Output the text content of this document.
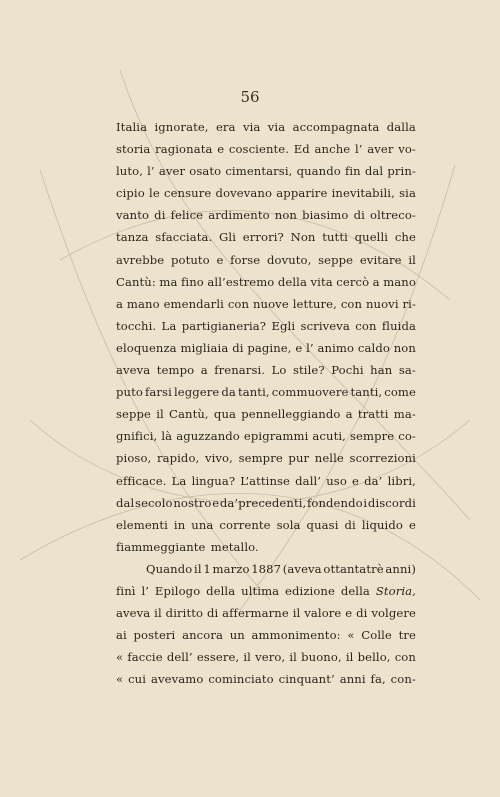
56
Italia ignorate, era via via accompagnata dalla
storia ragionata e cosciente. Ed anche l’ aver vo-
luto, l’ aver osato cimentarsi, quando fin dal prin-
cipio le censure dovevano apparire inevitabili, sia
vanto di felice ardimento non biasimo di oltreco-
tanza sfacciata. Gli errori? Non tutti quelli che
avrebbe potuto e forse dovuto, seppe evitare il
Cantù: ma fino all’estremo della vita cercò a mano
a mano emendarli con nuove letture, con nuovi ri-
tocchi. La partigianeria? Egli scriveva con fluida
eloquenza migliaia di pagine, e l’ animo caldo non
aveva tempo a frenarsi. Lo stile? Pochi han sa-
puto farsi leggere da tanti, commuovere tanti, come
seppe il Cantù, qua pennelleggiando a tratti ma-
gnifici, là aguzzando epigrammi acuti, sempre co-
pioso, rapido, vivo, sempre pur nelle scorrezioni
efficace. La lingua? L’attinse dall’ uso e da’ libri,
dal secolo nostro e da’precedenti, fondendo i discordi
elementi in una corrente sola quasi di liquido e
fiammeggiante metallo.
Quando il 1 marzo 1887 (aveva ottantatrè anni)
finì l’ Epilogo della ultima edizione della Storia,
aveva il diritto di affermarne il valore e di volgere
ai posteri ancora un ammonimento: « Colle tre
« faccie dell’ essere, il vero, il buono, il bello, con
« cui avevamo cominciato cinquant’ anni fa, con-
